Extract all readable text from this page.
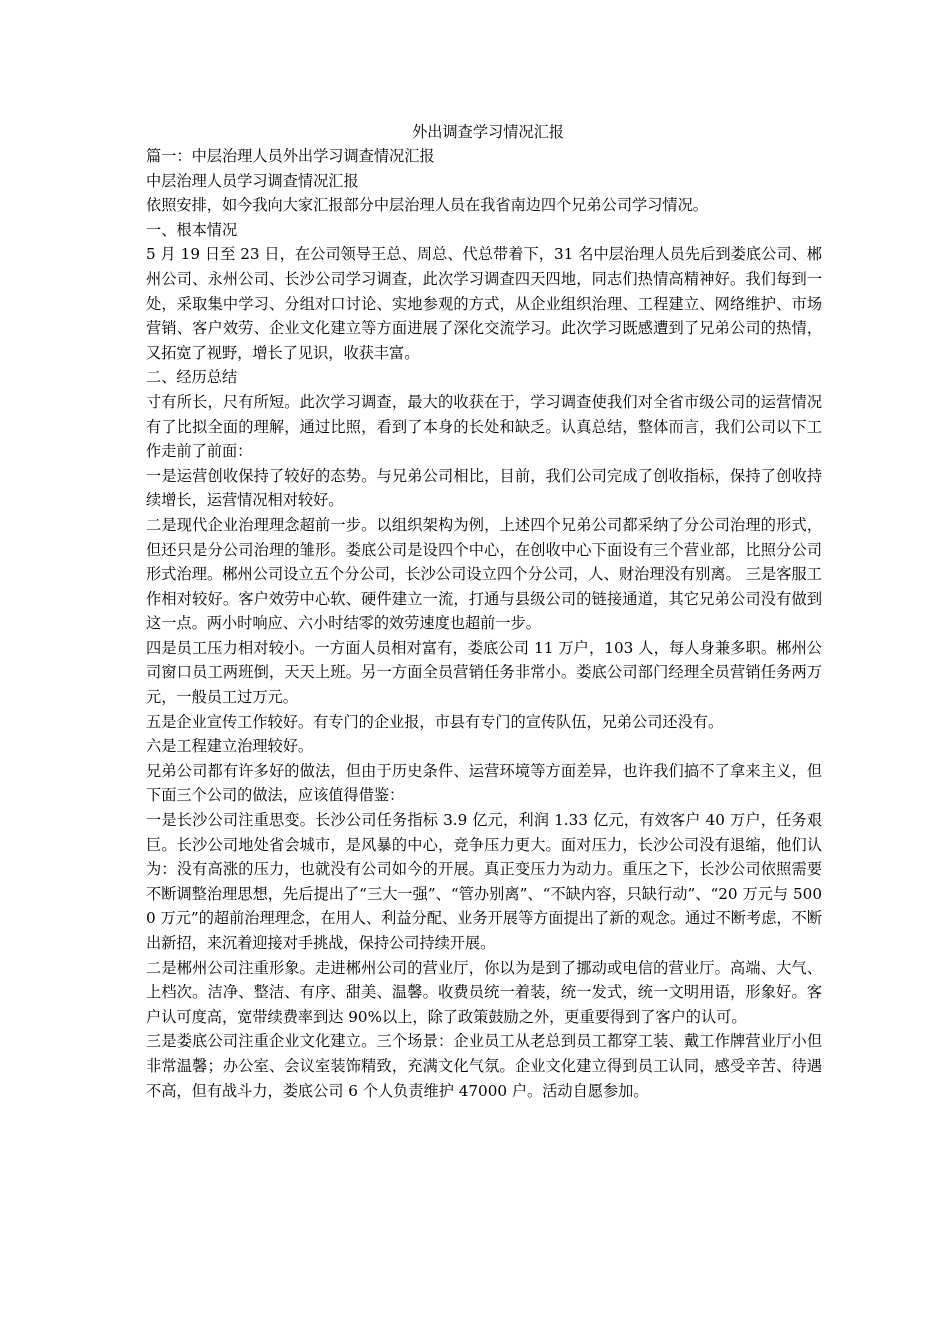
外出调查学习情况汇报

篇一：中层治理人员外出学习调查情况汇报

中层治理人员学习调查情况汇报

依照安排，如今我向大家汇报部分中层治理人员在我省南边四个兄弟公司学习情况。

一、根本情况

5 月 19 日至 23 日，在公司领导王总、周总、代总带着下，31 名中层治理人员先后到娄底公司、郴州公司、永州公司、长沙公司学习调查，此次学习调查四天四地，同志们热情高精神好。我们每到一处，采取集中学习、分组对口讨论、实地参观的方式，从企业组织治理、工程建立、网络维护、市场营销、客户效劳、企业文化建立等方面进展了深化交流学习。此次学习既感遭到了兄弟公司的热情，又拓宽了视野，增长了见识，收获丰富。

二、经历总结

寸有所长，尺有所短。此次学习调查，最大的收获在于，学习调查使我们对全省市级公司的运营情况有了比拟全面的理解，通过比照，看到了本身的长处和缺乏。认真总结，整体而言，我们公司以下工作走前了前面：

一是运营创收保持了较好的态势。与兄弟公司相比，目前，我们公司完成了创收指标，保持了创收持续增长，运营情况相对较好。

二是现代企业治理理念超前一步。以组织架构为例，上述四个兄弟公司都采纳了分公司治理的形式，但还只是分公司治理的雏形。娄底公司是设四个中心，在创收中心下面设有三个营业部，比照分公司形式治理。郴州公司设立五个分公司，长沙公司设立四个分公司，人、财治理没有别离。 三是客服工作相对较好。客户效劳中心软、硬件建立一流，打通与县级公司的链接通道，其它兄弟公司没有做到这一点。两小时响应、六小时结零的效劳速度也超前一步。

四是员工压力相对较小。一方面人员相对富有，娄底公司 11 万户，103 人，每人身兼多职。郴州公司窗口员工两班倒，天天上班。另一方面全员营销任务非常小。娄底公司部门经理全员营销任务两万元，一般员工过万元。

五是企业宣传工作较好。有专门的企业报，市县有专门的宣传队伍，兄弟公司还没有。

六是工程建立治理较好。

兄弟公司都有许多好的做法，但由于历史条件、运营环境等方面差异，也许我们搞不了拿来主义，但下面三个公司的做法，应该值得借鉴：

一是长沙公司注重思变。长沙公司任务指标 3.9 亿元，利润 1.33 亿元，有效客户 40 万户，任务艰巨。长沙公司地处省会城市，是风暴的中心，竞争压力更大。面对压力，长沙公司没有退缩，他们认为：没有高涨的压力，也就没有公司如今的开展。真正变压力为动力。重压之下，长沙公司依照需要不断调整治理思想，先后提出了“三大一强”、“管办别离”、“不缺内容，只缺行动”、“20 万元与 5000 万元”的超前治理理念，在用人、利益分配、业务开展等方面提出了新的观念。通过不断考虑，不断出新招，来沉着迎接对手挑战，保持公司持续开展。

二是郴州公司注重形象。走进郴州公司的营业厅，你以为是到了挪动或电信的营业厅。高端、大气、上档次。洁净、整洁、有序、甜美、温馨。收费员统一着装，统一发式，统一文明用语，形象好。客户认可度高，宽带续费率到达 90%以上，除了政策鼓励之外，更重要得到了客户的认可。

三是娄底公司注重企业文化建立。三个场景：企业员工从老总到员工都穿工装、戴工作牌营业厅小但非常温馨；办公室、会议室装饰精致，充满文化气氛。企业文化建立得到员工认同，感受辛苦、待遇不高，但有战斗力，娄底公司 6 个人负责维护 47000 户。活动自愿参加。
